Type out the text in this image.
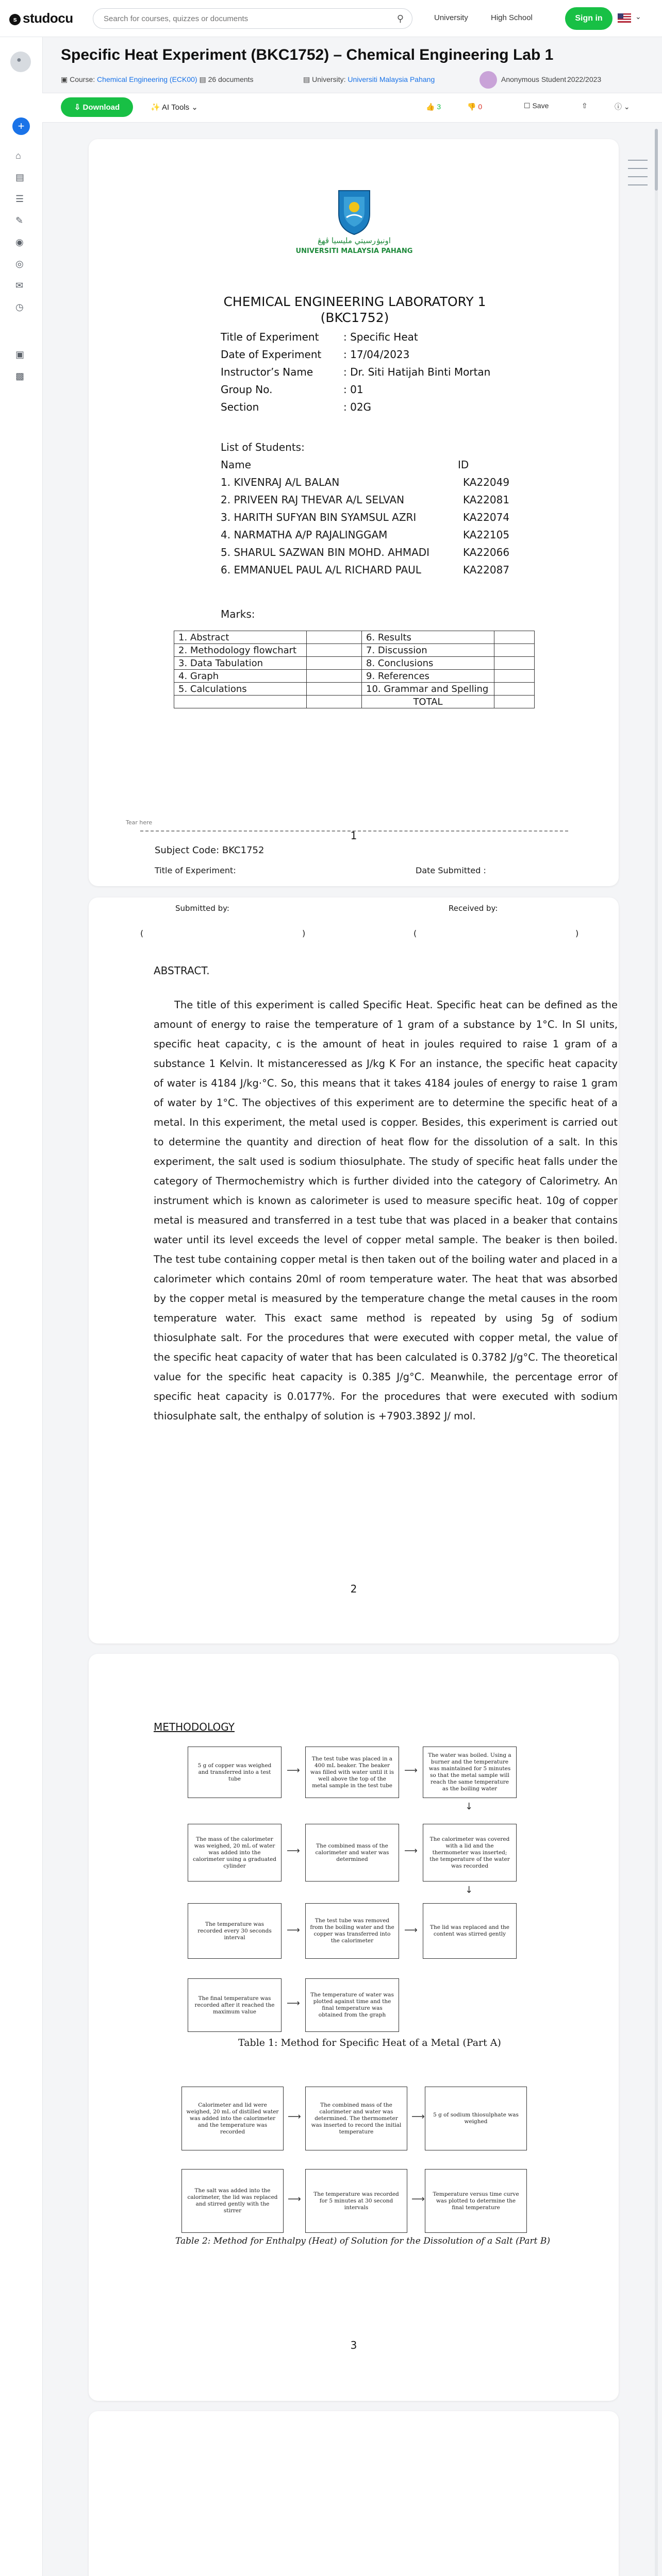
s studocu
Search for courses, quizzes or documents	⚲	University	High School	Sign in	⌄
●
+
⌂
▤
☰
✎
◉
◎
✉
◷
▣
▩
Specific Heat Experiment (BKC1752) – Chemical Engineering Lab 1
▣ Course: Chemical Engineering (ECK00) ▤ 26 documents	▤ University: Universiti Malaysia Pahang	Anonymous Student 2022/2023
⇩ Download	✨ AI Tools ⌄	👍 3	👎 0	☐ Save	⇧	ⓘ ⌄
اونيۏرسيتي مليسيا ڤهڠ
UNIVERSITI MALAYSIA PAHANG
CHEMICAL ENGINEERING LABORATORY 1
(BKC1752)
Title of Experiment : Specific Heat
Date of Experiment : 17/04/2023
Instructor’s Name	: Dr. Siti Hatijah Binti Mortan
Group No.	: 01
Section	: 02G
List of Students:
Name	ID
1. KIVENRAJ A/L BALAN	KA22049
2. PRIVEEN RAJ THEVAR A/L SELVAN	KA22081
3. HARITH SUFYAN BIN SYAMSUL AZRI	KA22074
4. NARMATHA A/P RAJALINGGAM	KA22105
5. SHARUL SAZWAN BIN MOHD. AHMADI	KA22066
6. EMMANUEL PAUL A/L RICHARD PAUL	KA22087
Marks:
1. Abstract		6. Results	
2. Methodology flowchart		7. Discussion	
3. Data Tabulation		8. Conclusions	
4. Graph		9. References	
5. Calculations		10. Grammar and Spelling	
		TOTAL	
1
Tear here
Subject Code: BKC1752
Title of Experiment:	Date Submitted :
Submitted by:	Received by:
(	)	(	)
ABSTRACT.
The title of this experiment is called Specific Heat. Specific heat can be defined as the amount of energy to raise the temperature of 1 gram of a substance by 1°C. In SI units, specific heat capacity, c is the amount of heat in joules required to raise 1 gram of a substance 1 Kelvin. It mistanceressed as J/kg K For an instance, the specific heat capacity of water is 4184 J/kg·°C. So, this means that it takes 4184 joules of energy to raise 1 gram of water by 1°C. The objectives of this experiment are to determine the specific heat of a metal. In this experiment, the metal used is copper. Besides, this experiment is carried out to determine the quantity and direction of heat flow for the dissolution of a salt. In this experiment, the salt used is sodium thiosulphate. The study of specific heat falls under the category of Thermochemistry which is further divided into the category of Calorimetry. An instrument which is known as calorimeter is used to measure specific heat. 10g of copper metal is measured and transferred in a test tube that was placed in a beaker that contains water until its level exceeds the level of copper metal sample. The beaker is then boiled. The test tube containing copper metal is then taken out of the boiling water and placed in a calorimeter which contains 20ml of room temperature water. The heat that was absorbed by the copper metal is measured by the temperature change the metal causes in the room temperature water. This exact same method is repeated by using 5g of sodium thiosulphate salt. For the procedures that were executed with copper metal, the value of the specific heat capacity of water that has been calculated is 0.3782 J/g°C. The theoretical value for the specific heat capacity is 0.385 J/g°C. Meanwhile, the percentage error of specific heat capacity is 0.0177%. For the procedures that were executed with sodium thiosulphate salt, the enthalpy of solution is +7903.3892 J/ mol.
2
METHODOLOGY
5 g of copper was weighed and transferred into a test tube
⟶
The test tube was placed in a 400 mL beaker. The beaker was filled with water until it is well above the top of the metal sample in the test tube
⟶
The water was boiled. Using a burner and the temperature was maintained for 5 minutes so that the metal sample will reach the same temperature as the boiling water
↓
The mass of the calorimeter was weighed, 20 mL of water was added into the calorimeter using a graduated cylinder
⟶	The combined mass of the calorimeter and water was determined
⟶
The calorimeter was covered with a lid and the thermometer was inserted; the temperature of the water was recorded
↓
The temperature was recorded every 30 seconds interval
⟶
The test tube was removed from the boiling water and the copper was transferred into the calorimeter
⟶	The lid was replaced and the content was stirred gently
The final temperature was recorded after it reached the maximum value
⟶
The temperature of water was plotted against time and the final temperature was obtained from the graph
Table 1: Method for Specific Heat of a Metal (Part A)
Calorimeter and lid were weighed, 20 mL of distilled water was added into the calorimeter and the temperature was recorded
⟶
The combined mass of the calorimeter and water was determined. The thermometer was inserted to record the initial temperature
⟶	5 g of sodium thiosulphate was weighed
The salt was added into the calorimeter, the lid was replaced and stirred gently with the stirrer
⟶	The temperature was recorded for 5 minutes at 30 second intervals
⟶	Temperature versus time curve was plotted to determine the final temperature
Table 2: Method for Enthalpy (Heat) of Solution for the Dissolution of a Salt (Part B)
3
